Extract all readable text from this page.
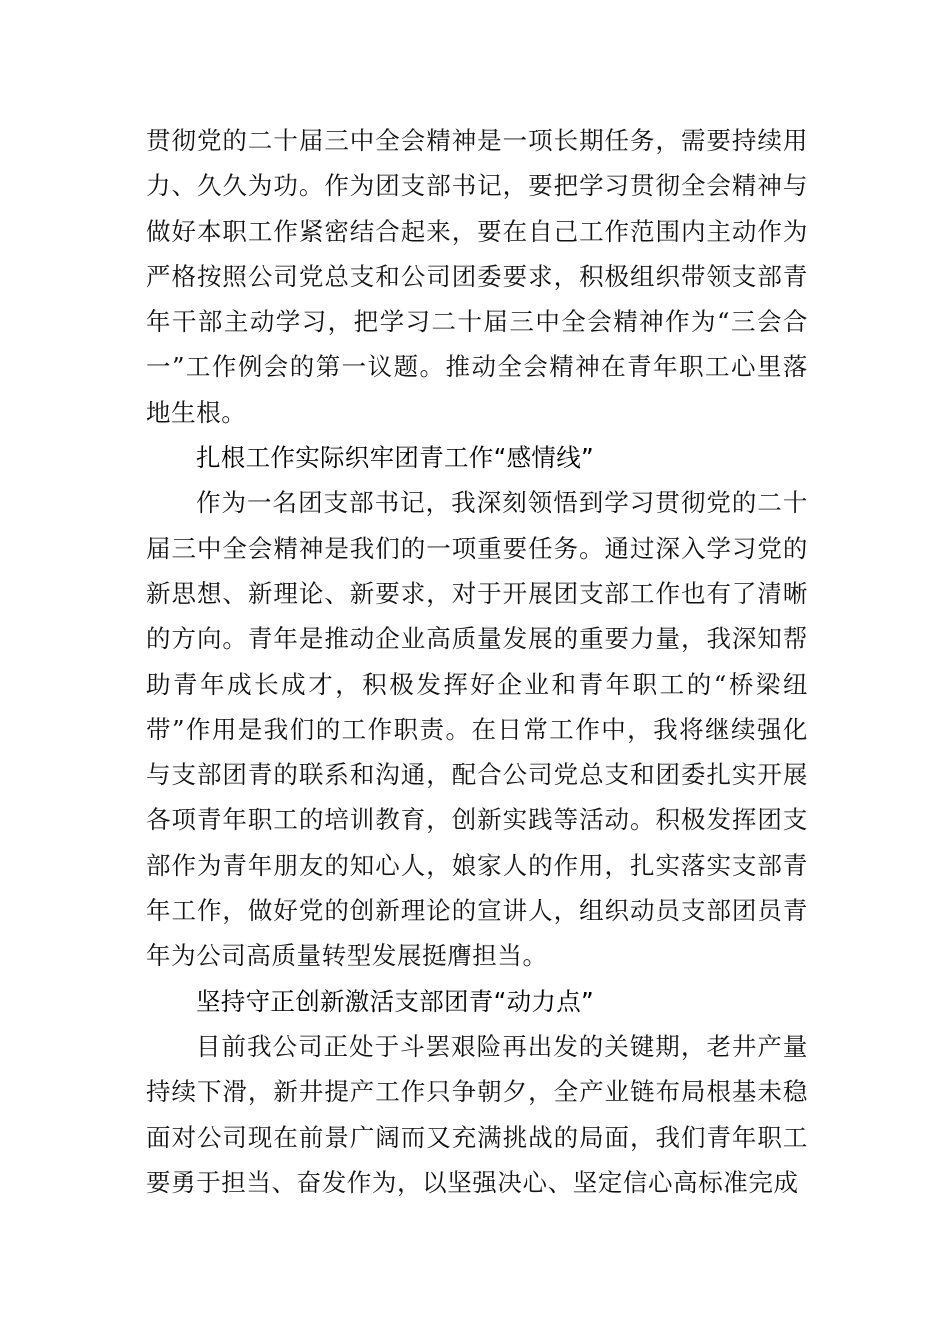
贯彻党的二十届三中全会精神是一项长期任务，需要持续用力、久久为功。作为团支部书记，要把学习贯彻全会精神与做好本职工作紧密结合起来，要在自己工作范围内主动作为严格按照公司党总支和公司团委要求，积极组织带领支部青年干部主动学习，把学习二十届三中全会精神作为“三会合一”工作例会的第一议题。推动全会精神在青年职工心里落地生根。

扎根工作实际织牢团青工作“感情线”

作为一名团支部书记，我深刻领悟到学习贯彻党的二十届三中全会精神是我们的一项重要任务。通过深入学习党的新思想、新理论、新要求，对于开展团支部工作也有了清晰的方向。青年是推动企业高质量发展的重要力量，我深知帮助青年成长成才，积极发挥好企业和青年职工的“桥梁纽带”作用是我们的工作职责。在日常工作中，我将继续强化与支部团青的联系和沟通，配合公司党总支和团委扎实开展各项青年职工的培训教育，创新实践等活动。积极发挥团支部作为青年朋友的知心人，娘家人的作用，扎实落实支部青年工作，做好党的创新理论的宣讲人，组织动员支部团员青年为公司高质量转型发展挺膺担当。

坚持守正创新激活支部团青“动力点”

目前我公司正处于斗罢艰险再出发的关键期，老井产量持续下滑，新井提产工作只争朝夕，全产业链布局根基未稳面对公司现在前景广阔而又充满挑战的局面，我们青年职工要勇于担当、奋发作为，以坚强决心、坚定信心高标准完成
